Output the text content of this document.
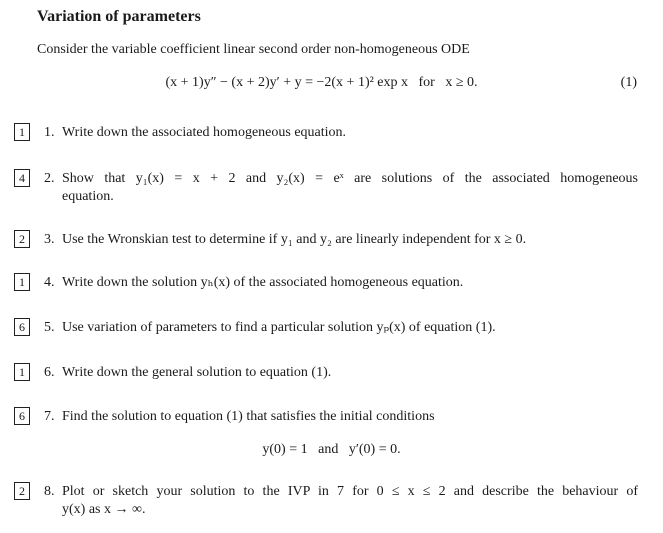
Variation of parameters
Consider the variable coefficient linear second order non-homogeneous ODE
(x + 1)y″ − (x + 2)y′ + y = −2(x + 1)² exp x   for   x ≥ 0.	(1)
1	1. Write down the associated homogeneous equation.
4	2. Show that y₁(x) = x + 2 and y₂(x) = eˣ are solutions of the associated homogeneous
equation.
2	3. Use the Wronskian test to determine if y₁ and y₂ are linearly independent for x ≥ 0.
1	4. Write down the solution yₕ(x) of the associated homogeneous equation.
6	5. Use variation of parameters to find a particular solution yₚ(x) of equation (1).
1	6. Write down the general solution to equation (1).
6	7. Find the solution to equation (1) that satisfies the initial conditions
y(0) = 1   and   y′(0) = 0.
2	8. Plot or sketch your solution to the IVP in 7 for 0 ≤ x ≤ 2 and describe the behaviour of
y(x) as x → ∞.
